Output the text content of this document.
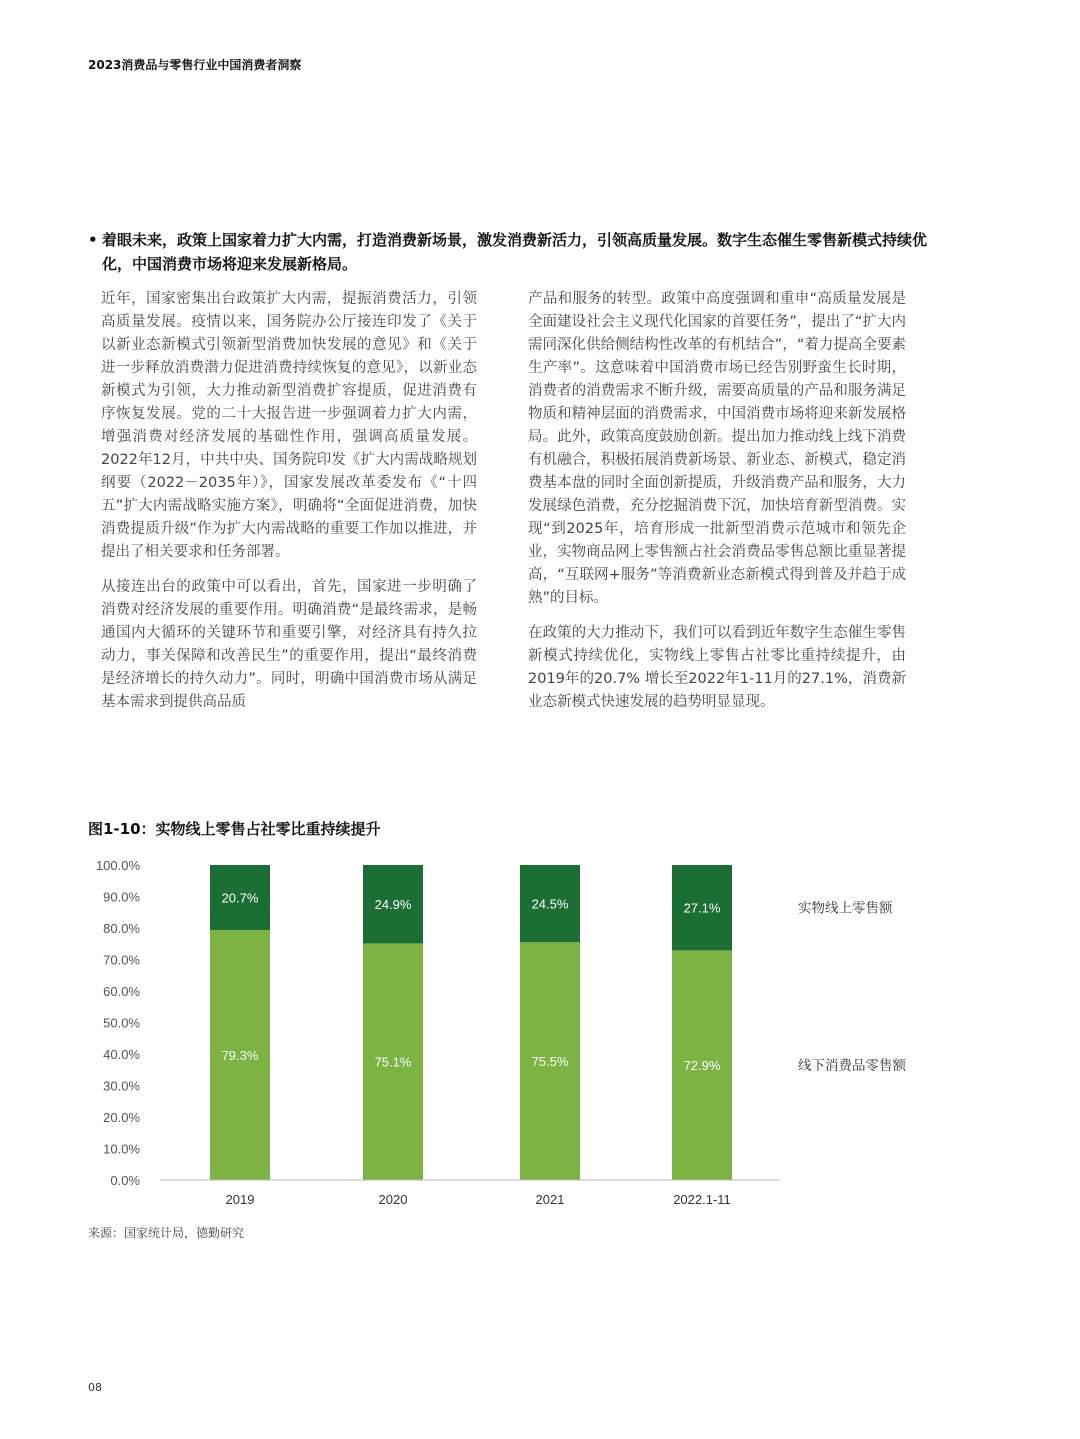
2023消费品与零售行业中国消费者洞察
• 着眼未来，政策上国家着力扩大内需，打造消费新场景，激发消费新活力，引领高质量发展。数字生态催生零售新模式持续优化，中国消费市场将迎来发展新格局。

近年，国家密集出台政策扩大内需，提振消费活力，引领高质量发展。疫情以来，国务院办公厅接连印发了《关于以新业态新模式引领新型消费加快发展的意见》和《关于进一步释放消费潜力促进消费持续恢复的意见》，以新业态新模式为引领，大力推动新型消费扩容提质，促进消费有序恢复发展。党的二十大报告进一步强调着力扩大内需，增强消费对经济发展的基础性作用，强调高质量发展。2022年12月，中共中央、国务院印发《扩大内需战略规划纲要（2022－2035年）》，国家发展改革委发布《“十四五”扩大内需战略实施方案》，明确将“全面促进消费，加快消费提质升级”作为扩大内需战略的重要工作加以推进，并提出了相关要求和任务部署。

从接连出台的政策中可以看出，首先，国家进一步明确了消费对经济发展的重要作用。明确消费“是最终需求，是畅通国内大循环的关键环节和重要引擎，对经济具有持久拉动力，事关保障和改善民生”的重要作用，提出“最终消费是经济增长的持久动力”。同时，明确中国消费市场从满足基本需求到提供高品质

产品和服务的转型。政策中高度强调和重申“高质量发展是全面建设社会主义现代化国家的首要任务”，提出了“扩大内需同深化供给侧结构性改革的有机结合”，“着力提高全要素生产率”。这意味着中国消费市场已经告别野蛮生长时期，消费者的消费需求不断升级，需要高质量的产品和服务满足物质和精神层面的消费需求，中国消费市场将迎来新发展格局。此外，政策高度鼓励创新。提出加力推动线上线下消费有机融合，积极拓展消费新场景、新业态、新模式，稳定消费基本盘的同时全面创新提质，升级消费产品和服务，大力发展绿色消费，充分挖掘消费下沉，加快培育新型消费。实现“到2025年，培育形成一批新型消费示范城市和领先企业，实物商品网上零售额占社会消费品零售总额比重显著提高，“互联网+服务”等消费新业态新模式得到普及并趋于成熟”的目标。

在政策的大力推动下，我们可以看到近年数字生态催生零售新模式持续优化，实物线上零售占社零比重持续提升，由2019年的20.7% 增长至2022年1-11月的27.1%，消费新业态新模式快速发展的趋势明显显现。

图1-10：实物线上零售占社零比重持续提升
0.0%
10.0%
20.0%
30.0%
40.0%
50.0%
60.0%
70.0%
80.0%
90.0%
100.0%
79.3%
20.7%
2019
75.1%
24.9%
2020
75.5%
24.5%
2021
72.9%
27.1%
2022.1-11
线下消费品零售额
实物线上零售额
来源：国家统计局，德勤研究
08
